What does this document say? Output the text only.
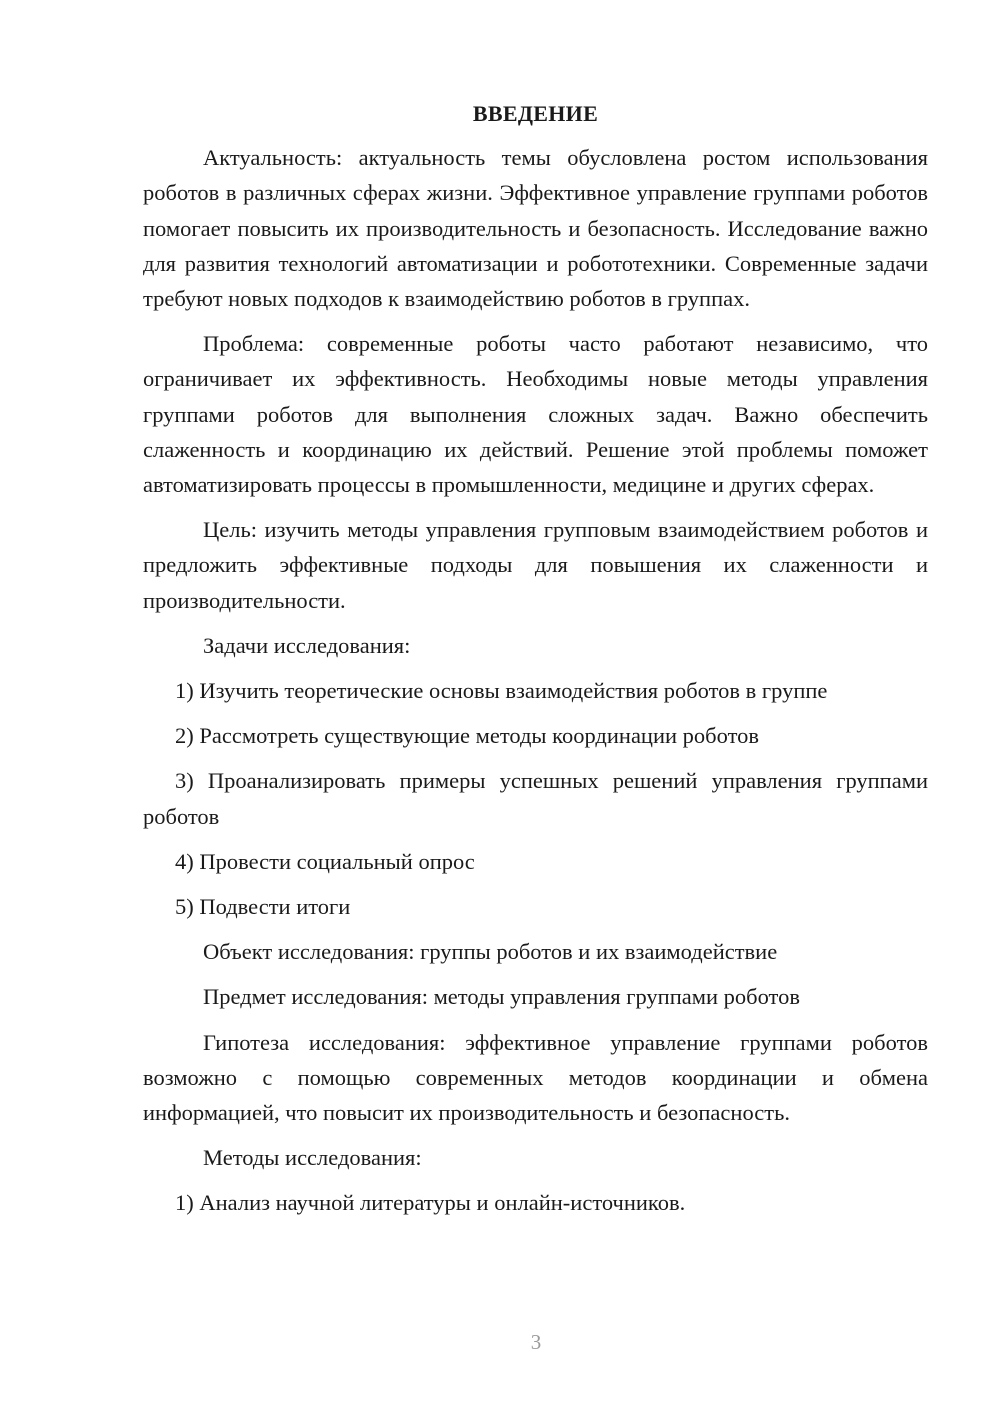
ВВЕДЕНИЕ

Актуальность: актуальность темы обусловлена ростом использования роботов в различных сферах жизни. Эффективное управление группами роботов помогает повысить их производительность и безопасность. Исследование важно для развития технологий автоматизации и робототехники. Современные задачи требуют новых подходов к взаимодействию роботов в группах.

Проблема: современные роботы часто работают независимо, что ограничивает их эффективность. Необходимы новые методы управления группами роботов для выполнения сложных задач. Важно обеспечить слаженность и координацию их действий. Решение этой проблемы поможет автоматизировать процессы в промышленности, медицине и других сферах.

Цель: изучить методы управления групповым взаимодействием роботов и предложить эффективные подходы для повышения их слаженности и производительности.

Задачи исследования:

1) Изучить теоретические основы взаимодействия роботов в группе

2) Рассмотреть существующие методы координации роботов

3) Проанализировать примеры успешных решений управления группами роботов

4) Провести социальный опрос

5) Подвести итоги

Объект исследования: группы роботов и их взаимодействие

Предмет исследования: методы управления группами роботов

Гипотеза исследования: эффективное управление группами роботов возможно с помощью современных методов координации и обмена информацией, что повысит их производительность и безопасность.

Методы исследования:

1) Анализ научной литературы и онлайн-источников.

3
